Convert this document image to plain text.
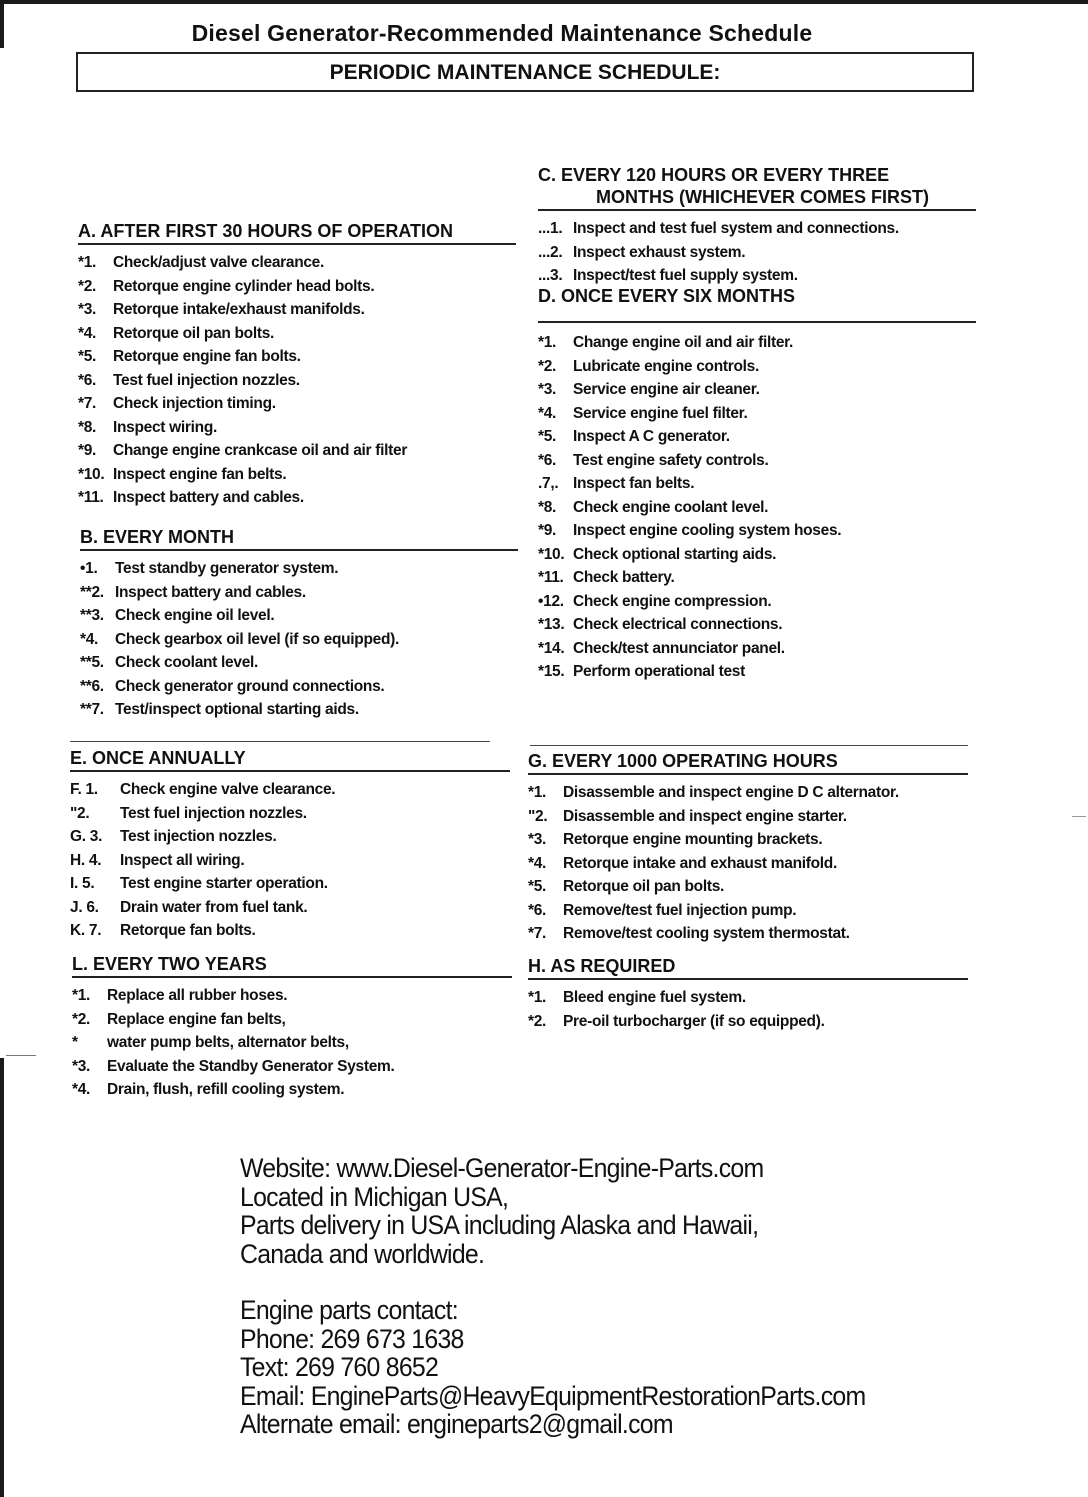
Diesel Generator-Recommended Maintenance Schedule
PERIODIC MAINTENANCE SCHEDULE:
A. AFTER FIRST 30 HOURS OF OPERATION
*1.	Check/adjust valve clearance.
*2.	Retorque engine cylinder head bolts.
*3.	Retorque intake/exhaust manifolds.
*4.	Retorque oil pan bolts.
*5.	Retorque engine fan bolts.
*6.	Test fuel injection nozzles.
*7.	Check injection timing.
*8.	Inspect wiring.
*9.	Change engine crankcase oil and air filter
*10. Inspect engine fan belts.
*11. Inspect battery and cables.
B. EVERY MONTH
•1.	Test standby generator system.
**2. Inspect battery and cables.
**3. Check engine oil level.
*4.	Check gearbox oil level (if so equipped).
**5. Check coolant level.
**6. Check generator ground connections.
**7. Test/inspect optional starting aids.
C. EVERY 120 HOURS OR EVERY THREE
MONTHS (WHICHEVER COMES FIRST)
...1. Inspect and test fuel system and connections.
...2. Inspect exhaust system.
...3. Inspect/test fuel supply system.
D. ONCE EVERY SIX MONTHS
*1.	Change engine oil and air filter.
*2.	Lubricate engine controls.
*3.	Service engine air cleaner.
*4.	Service engine fuel filter.
*5.	Inspect A C generator.
*6.	Test engine safety controls.
.7,. Inspect fan belts.
*8.	Check engine coolant level.
*9.	Inspect engine cooling system hoses.
*10. Check optional starting aids.
*11. Check battery.
•12. Check engine compression.
*13. Check electrical connections.
*14. Check/test annunciator panel.
*15. Perform operational test
E. ONCE ANNUALLY
F. 1.	Check engine valve clearance.
"2.	Test fuel injection nozzles.
G. 3.	Test injection nozzles.
H. 4.	Inspect all wiring.
I. 5.	Test engine starter operation.
J. 6.	Drain water from fuel tank.
K. 7.	Retorque fan bolts.
G. EVERY 1000 OPERATING HOURS
*1.	Disassemble and inspect engine D C alternator.
"2.	Disassemble and inspect engine starter.
*3.	Retorque engine mounting brackets.
*4.	Retorque intake and exhaust manifold.
*5.	Retorque oil pan bolts.
*6.	Remove/test fuel injection pump.
*7.	Remove/test cooling system thermostat.
L. EVERY TWO YEARS
*1.	Replace all rubber hoses.
*2.	Replace engine fan belts,
*	water pump belts, alternator belts,
*3.	Evaluate the Standby Generator System.
*4.	Drain, flush, refill cooling system.
H. AS REQUIRED
*1.	Bleed engine fuel system.
*2.	Pre-oil turbocharger (if so equipped).
Website: www.Diesel-Generator-Engine-Parts.com
Located in Michigan USA,
Parts delivery in USA including Alaska and Hawaii,
Canada and worldwide.
Engine parts contact:
Phone: 269 673 1638
Text: 269 760 8652
Email: EngineParts@HeavyEquipmentRestorationParts.com
Alternate email: engineparts2@gmail.com
